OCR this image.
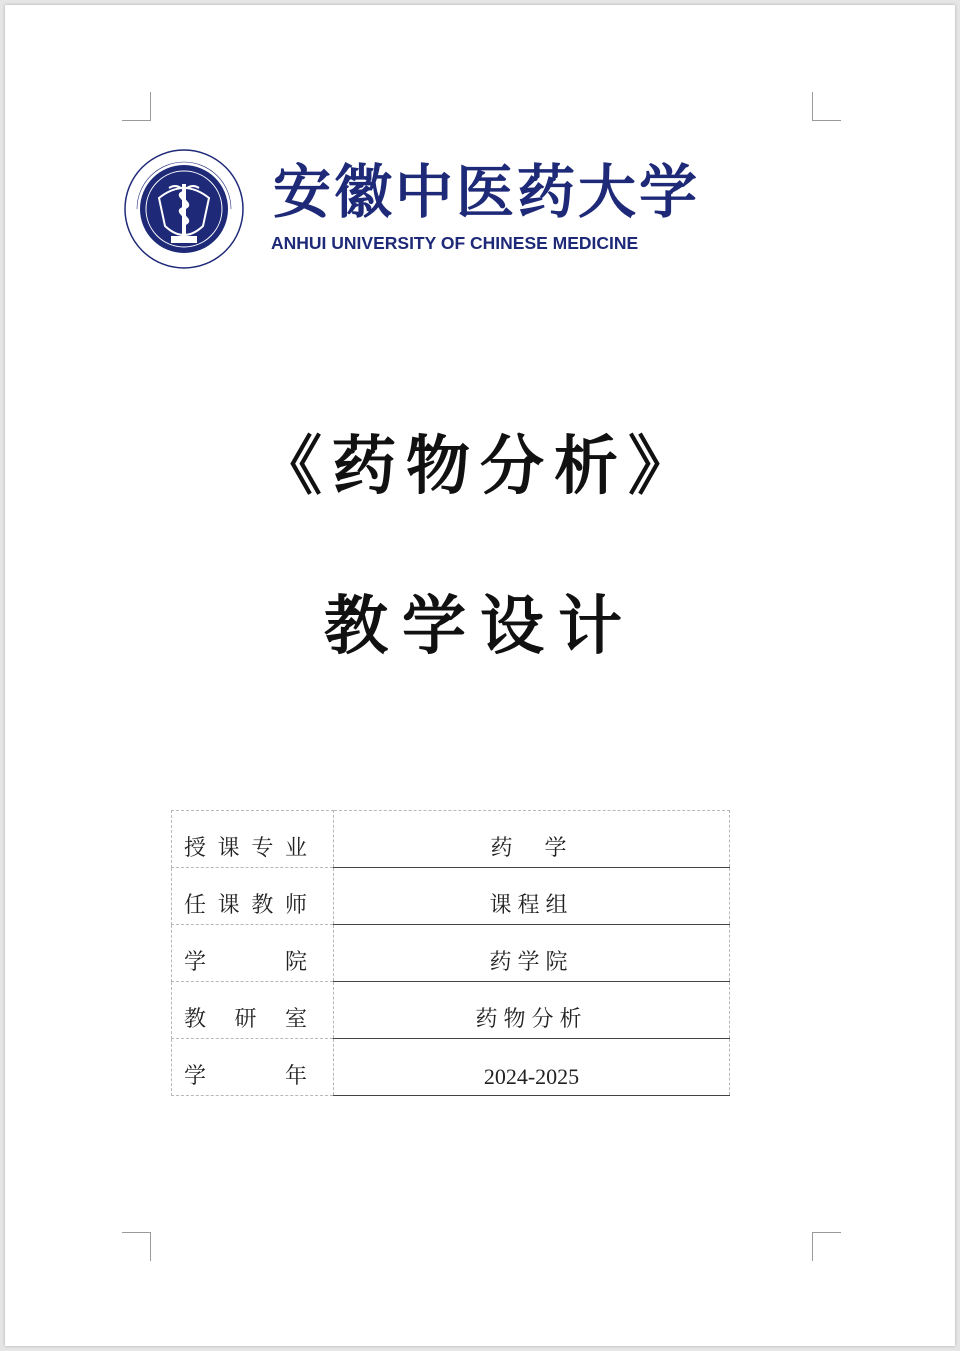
安徽中医药大学
ANHUI UNIVERSITY OF CHINESE MEDICINE
《药物分析》
教学设计
授课专业	药  学
任课教师	课程组
学院	药学院
教研室	药物分析
学年	2024-2025
